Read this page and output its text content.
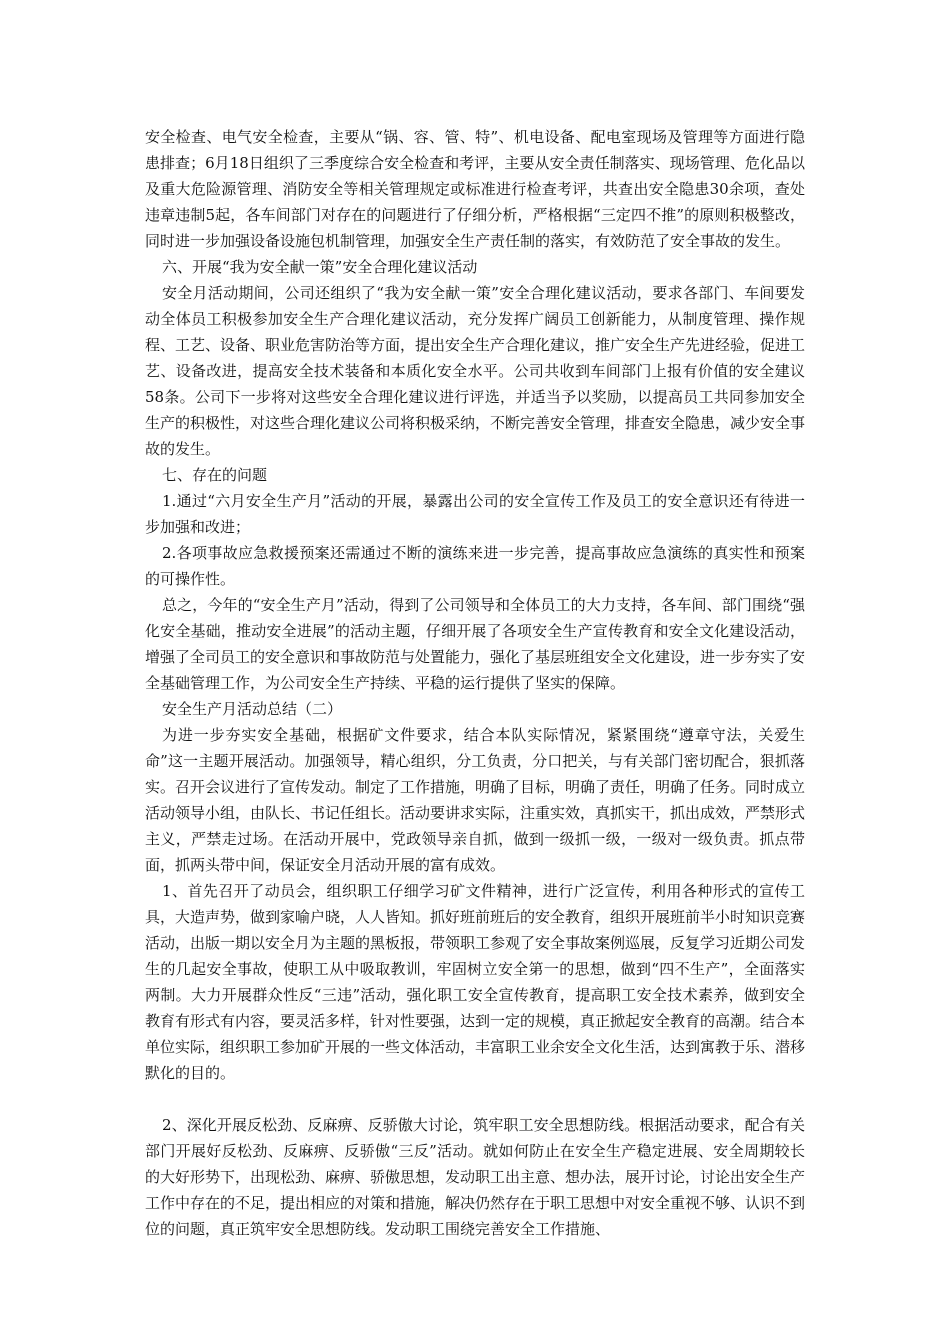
安全检查、电气安全检查，主要从“锅、容、管、特”、机电设备、配电室现场及管理等方面进行隐患排查；6月18日组织了三季度综合安全检查和考评，主要从安全责任制落实、现场管理、危化品以及重大危险源管理、消防安全等相关管理规定或标准进行检查考评，共查出安全隐患30余项，查处违章违制5起，各车间部门对存在的问题进行了仔细分析，严格根据“三定四不推”的原则积极整改，同时进一步加强设备设施包机制管理，加强安全生产责任制的落实，有效防范了安全事故的发生。

六、开展“我为安全献一策”安全合理化建议活动

安全月活动期间，公司还组织了“我为安全献一策”安全合理化建议活动，要求各部门、车间要发动全体员工积极参加安全生产合理化建议活动，充分发挥广阔员工创新能力，从制度管理、操作规程、工艺、设备、职业危害防治等方面，提出安全生产合理化建议，推广安全生产先进经验，促进工艺、设备改进，提高安全技术装备和本质化安全水平。公司共收到车间部门上报有价值的安全建议 58条。公司下一步将对这些安全合理化建议进行评选，并适当予以奖励，以提高员工共同参加安全生产的积极性，对这些合理化建议公司将积极采纳，不断完善安全管理，排查安全隐患，减少安全事故的发生。

七、存在的问题

1.通过“六月安全生产月”活动的开展，暴露出公司的安全宣传工作及员工的安全意识还有待进一步加强和改进；

2.各项事故应急救援预案还需通过不断的演练来进一步完善，提高事故应急演练的真实性和预案的可操作性。

总之，今年的“安全生产月”活动，得到了公司领导和全体员工的大力支持，各车间、部门围绕“强化安全基础，推动安全进展”的活动主题，仔细开展了各项安全生产宣传教育和安全文化建设活动，增强了全司员工的安全意识和事故防范与处置能力，强化了基层班组安全文化建设，进一步夯实了安全基础管理工作，为公司安全生产持续、平稳的运行提供了坚实的保障。

安全生产月活动总结（二）

为进一步夯实安全基础，根据矿文件要求，结合本队实际情况，紧紧围绕“遵章守法，关爱生命”这一主题开展活动。加强领导，精心组织，分工负责，分口把关，与有关部门密切配合，狠抓落实。召开会议进行了宣传发动。制定了工作措施，明确了目标，明确了责任，明确了任务。同时成立活动领导小组，由队长、书记任组长。活动要讲求实际，注重实效，真抓实干，抓出成效，严禁形式主义，严禁走过场。在活动开展中，党政领导亲自抓，做到一级抓一级，一级对一级负责。抓点带面，抓两头带中间，保证安全月活动开展的富有成效。

1、首先召开了动员会，组织职工仔细学习矿文件精神，进行广泛宣传，利用各种形式的宣传工具，大造声势，做到家喻户晓，人人皆知。抓好班前班后的安全教育，组织开展班前半小时知识竞赛活动，出版一期以安全月为主题的黑板报，带领职工参观了安全事故案例巡展，反复学习近期公司发生的几起安全事故，使职工从中吸取教训，牢固树立安全第一的思想，做到“四不生产”，全面落实两制。大力开展群众性反“三违”活动，强化职工安全宣传教育，提高职工安全技术素养，做到安全教育有形式有内容，要灵活多样，针对性要强，达到一定的规模，真正掀起安全教育的高潮。结合本单位实际，组织职工参加矿开展的一些文体活动，丰富职工业余安全文化生活，达到寓教于乐、潜移默化的目的。

2、深化开展反松劲、反麻痹、反骄傲大讨论，筑牢职工安全思想防线。根据活动要求，配合有关部门开展好反松劲、反麻痹、反骄傲“三反”活动。就如何防止在安全生产稳定进展、安全周期较长的大好形势下，出现松劲、麻痹、骄傲思想，发动职工出主意、想办法，展开讨论，讨论出安全生产工作中存在的不足，提出相应的对策和措施，解决仍然存在于职工思想中对安全重视不够、认识不到位的问题，真正筑牢安全思想防线。发动职工围绕完善安全工作措施、
